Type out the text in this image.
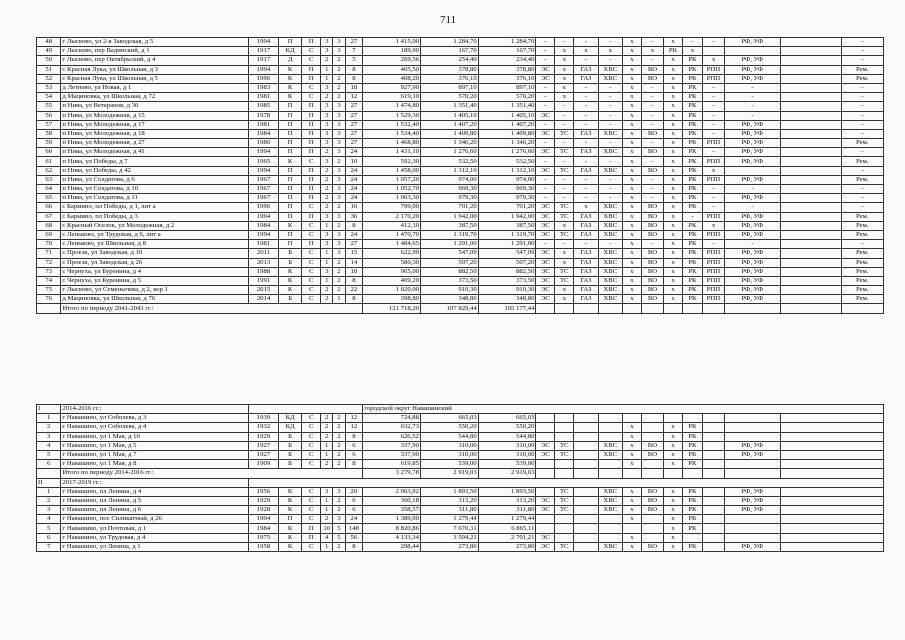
711
48	г Лысково, ул 2-я Заводская, д 5	1994	П	П	3	3	27	1 415,00	1 284,70	1 284,70	-	-	-	-	х	-	х	-	-	РФ, УФ		-
49	г Лысково, пер Вадинский, д 1	1917	КД	С	3	3	7	189,90	167,70	167,70	-	х	х	х	х	х	РК	х				-
50	г Лысково, пер Октябрьский, д 4	1917	Д	С	2	2	5	269,56	254,40	234,40	-	х	-	-	х	-	х	РК	х	РФ, УФ		-
51	с Красная Лука, ул Школьная, д 3	1994	К	П	1	2	8	405,50	378,80	378,80	ЭС	х	ГАЗ	ХВС	х	ВО	х	РК	РПП	РФ, УФ		Рем.
52	с Красная Лука, ул Школьная, д 5	1996	К	П	1	2	8	408,20	376,10	376,10	ЭС	х	ГАЗ	ХВС	х	ВО	х	РК	РПП	РФ, УФ		Рем.
53	д Летнево, ул Новая, д 1	1983	К	С	3	2	18	927,90	897,10	897,10	-	х	-	-	х	-	х	РК	-	-		-
54	д Мациновка, ул Школьная, д 72	1981	К	С	2	2	12	619,10	570,20	570,20	-	х	-	-	х	-	х	РК	-	-		-
55	п Нива, ул Ветеранов, д 30	1985	П	П	3	3	27	1 474,80	1 351,40	1 351,40	-	-	-	-	х	-	х	РК	-	-		-
56	п Нива, ул Молодежная, д 15	1978	П	П	3	3	27	1 529,30	1 405,10	1 405,10	ЭС	-	-	-	х	-	х	РК	-	-		-
57	п Нива, ул Молодежная, д 17	1981	П	П	3	3	27	1 532,40	1 407,20	1 407,20	-	-	-	-	х	-	х	РК	-	РФ, УФ		-
58	п Нива, ул Молодежная, д 18	1984	П	П	3	3	27	1 534,40	1 409,80	1 409,80	ЭС	ТС	ГАЗ	ХВС	х	ВО	х	РК	-	РФ, УФ		-
59	п Нива, ул Молодежная, д 27	1986	П	П	3	3	27	1 468,80	1 346,20	1 346,20	-	-	-	-	х	-	х	РК	РПП	РФ, УФ		Рем.
60	п Нива, ул Молодежная, д 41	1994	П	П	2	3	24	1 431,10	1 276,60	1 276,60	ЭС	ТС	ГАЗ	ХВС	х	ВО	х	РК	-	РФ, УФ		-
61	п Нива, ул Победы, д 7	1965	К	С	3	2	10	592,30	532,50	532,50	-	-	-	-	х	-	х	РК	РПП	РФ, УФ		Рем.
62	п Нива, ул Победы, д 42	1994	П	П	2	3	24	1 458,00	1 312,10	1 312,10	ЭС	ТС	ГАЗ	ХВС	х	ВО	х	РК	х			-
63	п Нива, ул Солдатова, д 6	1967	П	П	2	3	24	1 057,20	974,00	974,00	-	-	-	-	х	-	х	РК	РПП	РФ, УФ		Рем.
64	п Нива, ул Солдатова, д 10	1967	П	П	2	3	24	1 052,70	969,30	969,30	-	-	-	-	х	-	х	РК	-	-		-
65	п Нива, ул Солдатова, д 11	1967	П	П	2	3	24	1 063,30	979,30	979,30	-	-	-	-	х	-	х	РК	-	РФ, УФ		-
66	с Бармино, пл Победы, д 1, лит а	1996	П	С	2	2	16	799,00	701,20	701,20	ЭС	ТС	х	ХВС	х	ВО	х	РК	-	-		-
67	с Бармино, пл Победы, д 3	1994	П	П	3	3	36	2 170,20	1 942,00	1 942,00	ЭС	ТС	ГАЗ	ХВС	х	ВО	х	-	РПП	РФ, УФ		Рем.
68	с Красный Оселок, ул Молодежная, д 2	1984	К	С	1	2	8	412,10	387,50	387,50	ЭС	х	ГАЗ	ХВС	х	ВО	х	РК	х	РФ, УФ		Рем.
69	с Леньково, ул Трудовая, д 6, лит а	1994	П	С	3	3	24	1 470,70	1 319,70	1 319,70	ЭС	ТС	ГАЗ	ХВС	х	ВО	х	РК	РПП	РФ, УФ		Рем.
70	с Леньково, ул Школьная, д 8	1981	П	П	3	3	27	1 484,65	1 291,00	1 291,00	-	-	-	-	х	-	х	РК	-	-		-
71	с Проезк, ул Заводская, д 10	2011	Б	С	1	3	15	622,99	547,09	547,09	ЭС	х	ГАЗ	ХВС	х	ВО	х	РК	РПП	РФ, УФ		Рем.
72	с Проезк, ул Заводская, д 26	2013	Б	С	1	2	14	580,30	507,20	507,20	ЭС	х	ГАЗ	ХВС	х	ВО	х	РК	РПП	РФ, УФ		Рем.
73	с Чернуха, ул Буренина, д 4	1988	К	С	3	2	18	965,00	882,50	882,50	ЭС	ТС	ГАЗ	ХВС	х	ВО	х	РК	РПП	РФ, УФ		Рем.
74	с Чернуха, ул Буренина, д 5	1991	К	С	1	2	8	409,20	373,50	373,50	ЭС	ТС	ГАЗ	ХВС	х	ВО	х	РК	РПП	РФ, УФ		Рем.
75	г Лысково, ул Семенычева, д 2, кор 1	2015	К	С	2	2	22	1 020,00	910,30	910,30	ЭС	х	ГАЗ	ХВС	х	ВО	х	РК	РПП	РФ, УФ		Рем.
76	д Мациновка, ул Школьная, д 76	2014	Б	С	2	1	8	398,80	348,80	348,80	ЭС	х	ГАЗ	ХВС	х	ВО	х	РК	РПП	РФ, УФ		Рем.
	Итого по периоду 2041-2043 гг.:							121 718,20	107 829,44	105 177,44												
I	2014-2016 гг.:							городской округ Навашинский													
1	г Навашино, ул Соболева, д 3	1939	КД	С	2	2	12	724,88	665,03	665,03											
2	г Навашино, ул Соболева, д 4	1932	КД	С	2	2	12	632,73	550,20	550,20					х		х	РК			
3	г Навашино, ул 1 Мая, д 10	1929	Б	С	2	2	8	626,52	544,80	544,80					х		х	РК			
4	г Навашино, ул 1 Мая, д 5	1927	Б	С	1	2	6	337,90	310,00	310,00	ЭС	ТС		ХВС	х	ВО	х	РК		РФ, УФ	
5	г Навашино, ул 1 Мая, д 7	1927	Б	С	1	2	6	337,90	310,00	310,00	ЭС	ТС		ХВС	х	ВО	х	РК		РФ, УФ	
6	г Навашино, ул 1 Мая, д 8	1909	Б	С	2	2	8	619,85	539,00	539,00					х		х	РК			
	Итого по периоду 2014-2016 гг.:							3 279,78	2 919,03	2 919,03											
II	2017-2019 гг.:																				
1	г Навашино, пл Ленина, д 4	1956	К	С	3	3	20	2 063,92	1 893,50	1 893,50		ТС		ХВС	х	ВО	х	РК		РФ, УФ	
2	г Навашино, пл Ленина, д 5	1929	К	С	1	2	6	360,18	313,20	313,20	ЭС	ТС		ХВС	х	ВО	х	РК		РФ, УФ	
3	г Навашино, пл Ленина, д 6	1928	К	С	1	2	6	358,57	311,80	311,80	ЭС	ТС		ХВС	х	ВО	х	РК		РФ, УФ	
4	г Навашино, пос Силикатный, д 26	1994	П	С	2	3	24	1 389,00	1 279,44	1 279,44					х		х	РК			
5	г Навашино, ул Почтовая, д 1	1984	К	П	10	5	148	8 820,86	7 670,31	6 865,11							х	РК			
6	г Навашино, ул Трудовая, д 4	1975	К	П	4	5	56	4 133,34	3 594,21	2 701,21	ЭС				х		х				
7	г Навашино, ул Ленина, д 1	1958	К	С	1	2	8	298,44	273,80	273,80	ЭС	ТС		ХВС	х	ВО	х	РК		РФ, УФ	
